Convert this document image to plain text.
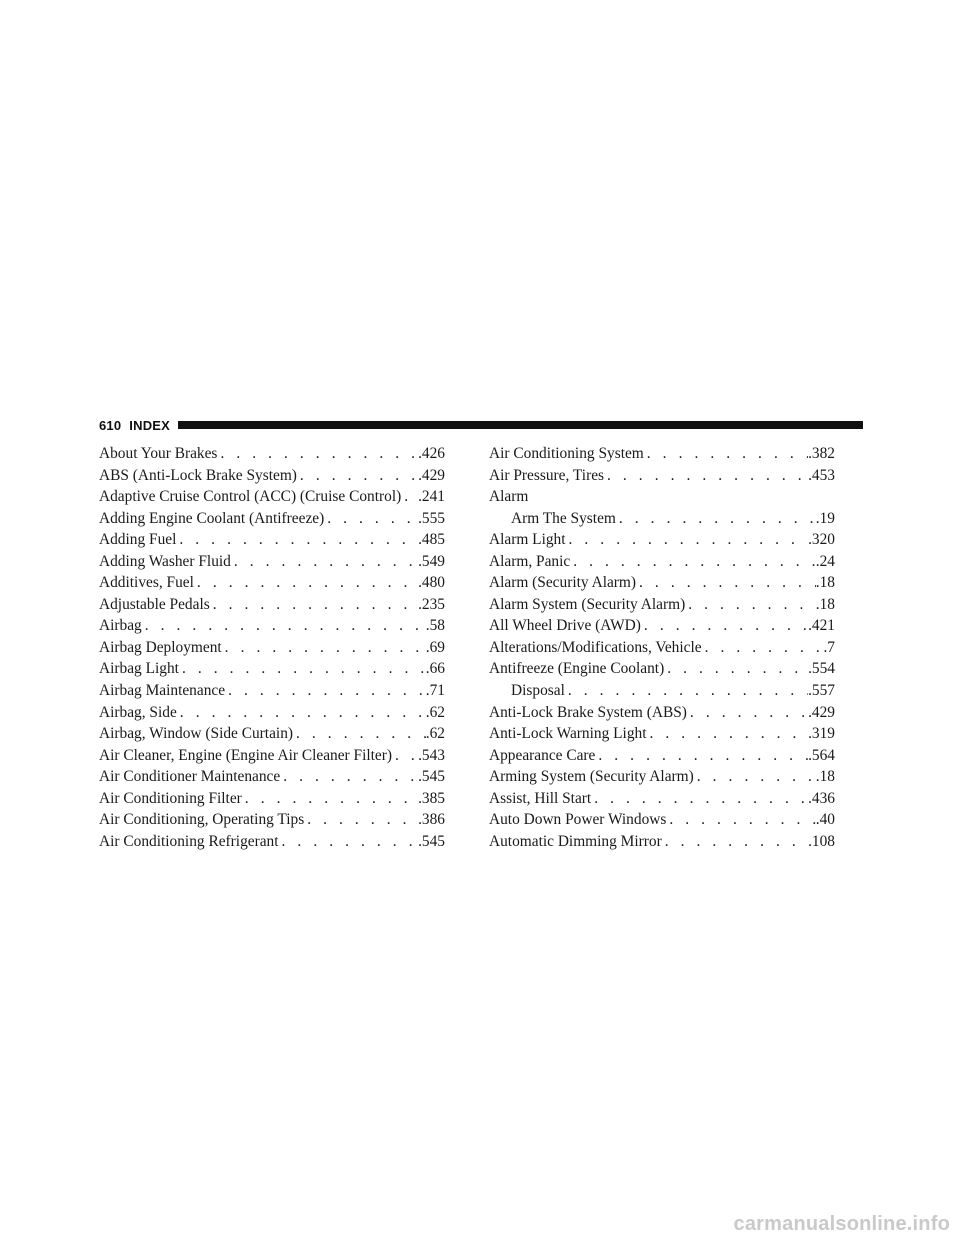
610 INDEX
About Your Brakes . . .	.426
ABS (Anti-Lock Brake System) . . .	.429
Adaptive Cruise Control (ACC) (Cruise Control) . . . .241
Adding Engine Coolant (Antifreeze) . . .	.555
Adding Fuel . . .	.485
Adding Washer Fluid . . .	.549
Additives, Fuel . . .	.480
Adjustable Pedals . . .	.235
Airbag . . .	.58
Airbag Deployment . . .	.69
Airbag Light . . .	.66
Airbag Maintenance . . .	.71
Airbag, Side . . .	.62
Airbag, Window (Side Curtain) . . .	.62
Air Cleaner, Engine (Engine Air Cleaner Filter) . . . .543
Air Conditioner Maintenance . . .	.545
Air Conditioning Filter . . .	.385
Air Conditioning, Operating Tips . . .	.386
Air Conditioning Refrigerant . . .	.545
Air Conditioning System . . .	.382
Air Pressure, Tires . . .	.453
Alarm
Arm The System . . .	.19
Alarm Light . . .	.320
Alarm, Panic . . .	.24
Alarm (Security Alarm) . . .	.18
Alarm System (Security Alarm) . . .	.18
All Wheel Drive (AWD) . . .	.421
Alterations/Modifications, Vehicle . . .	.7
Antifreeze (Engine Coolant) . . .	.554
Disposal . . .	.557
Anti-Lock Brake System (ABS) . . .	.429
Anti-Lock Warning Light . . .	.319
Appearance Care . . .	.564
Arming System (Security Alarm) . . .	.18
Assist, Hill Start . . .	.436
Auto Down Power Windows . . .	.40
Automatic Dimming Mirror . . .	.108
carmanualsonline.info
